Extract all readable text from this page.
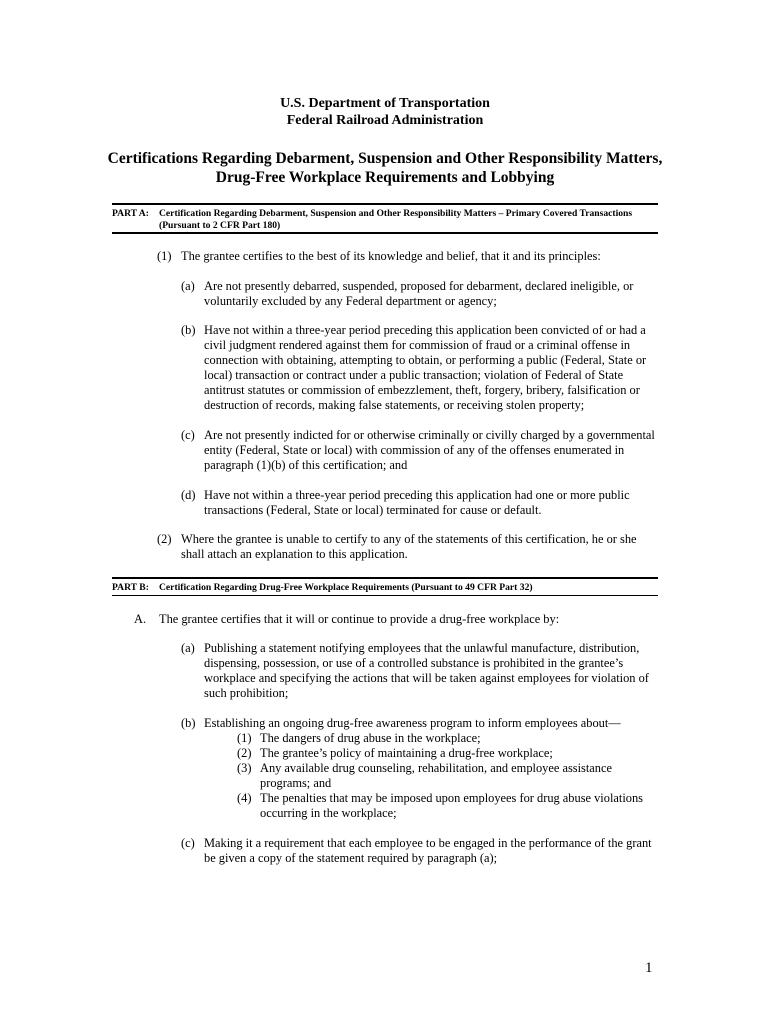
U.S. Department of Transportation
Federal Railroad Administration
Certifications Regarding Debarment, Suspension and Other Responsibility Matters,
Drug-Free Workplace Requirements and Lobbying
PART A: Certification Regarding Debarment, Suspension and Other Responsibility Matters – Primary Covered Transactions
(Pursuant to 2 CFR Part 180)
(1) The grantee certifies to the best of its knowledge and belief, that it and its principles:
(a) Are not presently debarred, suspended, proposed for debarment, declared ineligible, or voluntarily excluded by any Federal department or agency;
(b) Have not within a three-year period preceding this application been convicted of or had a civil judgment rendered against them for commission of fraud or a criminal offense in connection with obtaining, attempting to obtain, or performing a public (Federal, State or local) transaction or contract under a public transaction; violation of Federal of State antitrust statutes or commission of embezzlement, theft, forgery, bribery, falsification or destruction of records, making false statements, or receiving stolen property;
(c) Are not presently indicted for or otherwise criminally or civilly charged by a governmental entity (Federal, State or local) with commission of any of the offenses enumerated in paragraph (1)(b) of this certification; and
(d) Have not within a three-year period preceding this application had one or more public transactions (Federal, State or local) terminated for cause or default.
(2) Where the grantee is unable to certify to any of the statements of this certification, he or she shall attach an explanation to this application.
PART B: Certification Regarding Drug-Free Workplace Requirements (Pursuant to 49 CFR Part 32)
A. The grantee certifies that it will or continue to provide a drug-free workplace by:
(a) Publishing a statement notifying employees that the unlawful manufacture, distribution, dispensing, possession, or use of a controlled substance is prohibited in the grantee’s workplace and specifying the actions that will be taken against employees for violation of such prohibition;
(b) Establishing an ongoing drug-free awareness program to inform employees about—
(1) The dangers of drug abuse in the workplace;
(2) The grantee’s policy of maintaining a drug-free workplace;
(3) Any available drug counseling, rehabilitation, and employee assistance programs; and
(4) The penalties that may be imposed upon employees for drug abuse violations occurring in the workplace;
(c) Making it a requirement that each employee to be engaged in the performance of the grant be given a copy of the statement required by paragraph (a);
1
